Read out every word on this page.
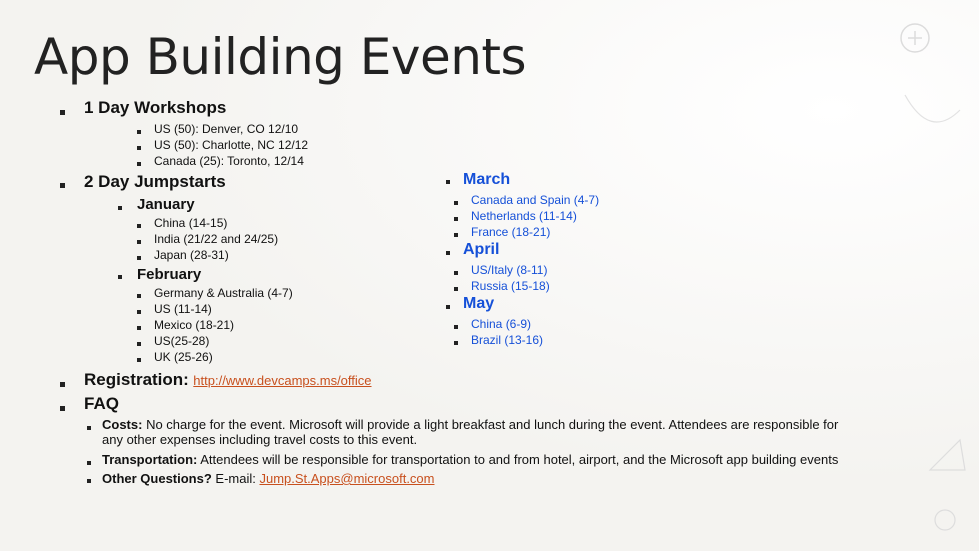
App Building Events
1 Day Workshops
US (50): Denver, CO 12/10
US (50): Charlotte, NC 12/12
Canada (25): Toronto, 12/14
2 Day Jumpstarts
January
China (14-15)
India (21/22 and 24/25)
Japan (28-31)
February
Germany & Australia (4-7)
US (11-14)
Mexico (18-21)
US(25-28)
UK (25-26)
March
Canada and Spain (4-7)
Netherlands (11-14)
France (18-21)
April
US/Italy (8-11)
Russia (15-18)
May
China (6-9)
Brazil (13-16)
Registration: http://www.devcamps.ms/office
FAQ
Costs: No charge for the event. Microsoft will provide a light breakfast and lunch during the event. Attendees are responsible for
any other expenses including travel costs to this event.
Transportation: Attendees will be responsible for transportation to and from hotel, airport, and the Microsoft app building events
Other Questions? E-mail: Jump.St.Apps@microsoft.com
